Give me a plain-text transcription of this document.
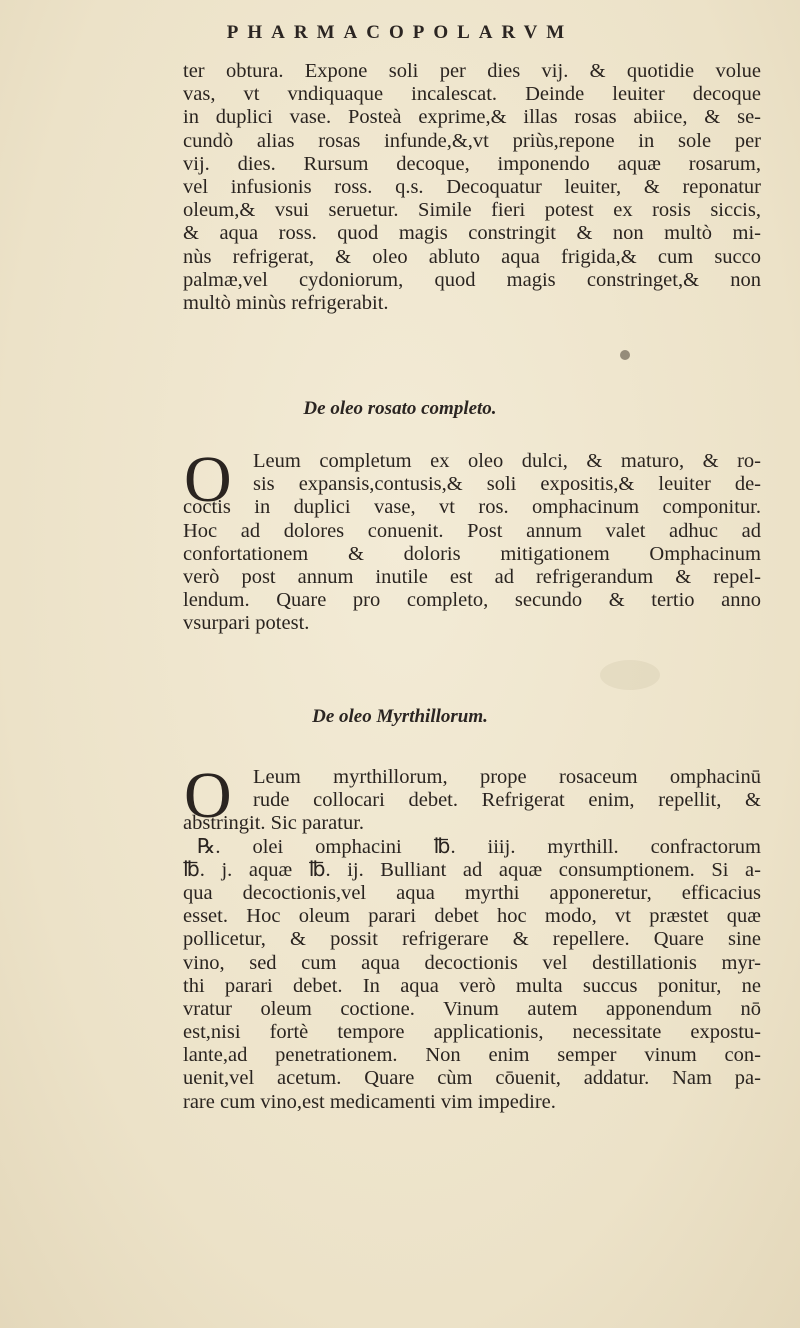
PHARMACOPOLARVM
ter obtura. Expone soli per dies vij. & quotidie volue
vas, vt vndiquaque incalescat. Deinde leuiter decoque
in duplici vase. Posteà exprime,& illas rosas abiice, & se-
cundò alias rosas infunde,&,vt priùs,repone in sole per
vij. dies. Rursum decoque, imponendo aquæ rosarum,
vel infusionis ross. q.s. Decoquatur leuiter, & reponatur
oleum,& vsui seruetur. Simile fieri potest ex rosis siccis,
& aqua ross. quod magis constringit & non multò mi-
nùs refrigerat, & oleo abluto aqua frigida,& cum succo
palmæ,vel cydoniorum, quod magis constringet,& non
multò minùs refrigerabit.
De oleo rosato completo.
O Leum completum ex oleo dulci, & maturo, & ro-
sis expansis,contusis,& soli expositis,& leuiter de-
coctis in duplici vase, vt ros. omphacinum componitur.
Hoc ad dolores conuenit. Post annum valet adhuc ad
confortationem & doloris mitigationem Omphacinum
verò post annum inutile est ad refrigerandum & repel-
lendum. Quare pro completo, secundo & tertio anno
vsurpari potest.
De oleo Myrthillorum.
O Leum myrthillorum, prope rosaceum omphacinū
rude collocari debet. Refrigerat enim, repellit, &
abstringit. Sic paratur.
℞. olei omphacini ℔. iiij. myrthill. confractorum
℔. j. aquæ ℔. ij. Bulliant ad aquæ consumptionem. Si a-
qua decoctionis,vel aqua myrthi apponeretur, efficacius
esset. Hoc oleum parari debet hoc modo, vt præstet quæ
pollicetur, & possit refrigerare & repellere. Quare sine
vino, sed cum aqua decoctionis vel destillationis myr-
thi parari debet. In aqua verò multa succus ponitur, ne
vratur oleum coctione. Vinum autem apponendum nō
est,nisi fortè tempore applicationis, necessitate expostu-
lante,ad penetrationem. Non enim semper vinum con-
uenit,vel acetum. Quare cùm cōuenit, addatur. Nam pa-
rare cum vino,est medicamenti vim impedire.
